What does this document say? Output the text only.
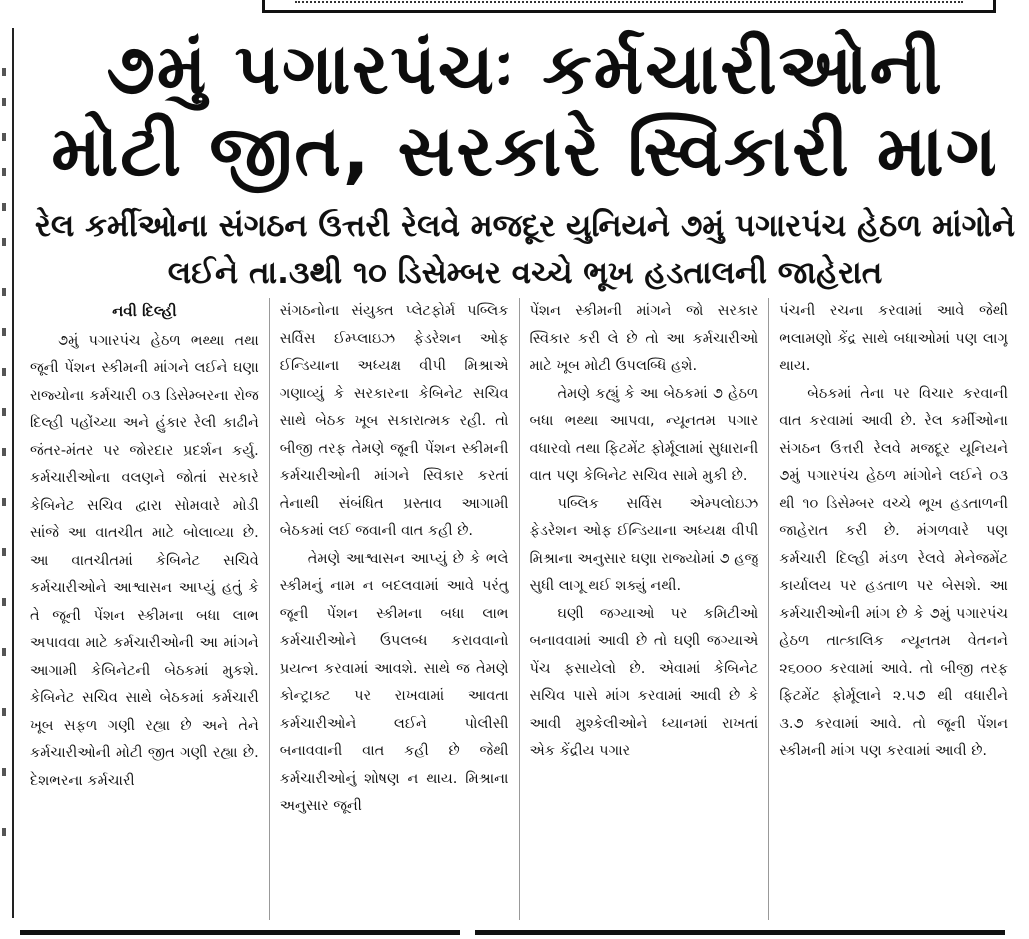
૭મું પગારપંચઃ કર્મચારીઓની મોટી જીત, સરકારે સ્વિકારી માગ
રેલ કર્મીઓના સંગઠન ઉત્તરી રેલવે મજદૂર યુનિયને ૭મું પગારપંચ હેઠળ માંગોને લઈને તા.૩થી ૧૦ ડિસેમ્બર વચ્ચે ભૂખ હડતાલની જાહેરાત
નવી દિલ્હી

૭મું પગારપંચ હેઠળ ભથ્થા તથા જૂની પેંશન સ્કીમની માંગને લઈને ઘણા રાજ્યોના કર્મચારી ૦૩ ડિસેમ્બરના રોજ દિલ્હી પહોંચ્યા અને હુંકાર રેલી કાઢીને જંતર-મંતર પર જોરદાર પ્રદર્શન કર્યુ. કર્મચારીઓના વલણને જોતાં સરકારે કેબિનેટ સચિવ દ્વારા સોમવારે મોડી સાંજે આ વાતચીત માટે બોલાવ્યા છે. આ વાતચીતમાં કેબિનેટ સચિવે કર્મચારીઓને આશ્વાસન આપ્યું હતું કે તે જૂની પેંશન સ્કીમના બધા લાભ અપાવવા માટે કર્મચારીઓની આ માંગને આગામી કેબિનેટની બેઠકમાં મુકશે. કેબિનેટ સચિવ સાથે બેઠકમાં કર્મચારી ખૂબ સફળ ગણી રહ્યા છે અને તેને કર્મચારીઓની મોટી જીત ગણી રહ્યા છે. દેશભરના કર્મચારી

સંગઠનોના સંયુક્ત પ્લેટફોર્મ પબ્લિક સર્વિસ ઈમ્પ્લાઇઝ ફેડરેશન ઓફ ઈન્ડિયાના અધ્યક્ષ વીપી મિશ્રાએ ગણાવ્યું કે સરકારના કેબિનેટ સચિવ સાથે બેઠક ખૂબ સકારાત્મક રહી. તો બીજી તરફ તેમણે જૂની પેંશન સ્કીમની કર્મચારીઓની માંગને સ્વિકાર કરતાં તેનાથી સંબંધિત પ્રસ્તાવ આગામી બેઠકમાં લઈ જવાની વાત કહી છે.

તેમણે આશ્વાસન આપ્યું છે કે ભલે સ્કીમનું નામ ન બદલવામાં આવે પરંતુ જૂની પેંશન સ્કીમના બધા લાભ કર્મચારીઓને ઉપલબ્ધ કરાવવાનો પ્રયત્ન કરવામાં આવશે. સાથે જ તેમણે કોન્ટ્રાક્ટ પર રાખવામાં આવતા કર્મચારીઓને લઈને પોલીસી બનાવવાની વાત કહી છે જેથી કર્મચારીઓનું શોષણ ન થાય. મિશ્રાના અનુસાર જૂની

પેંશન સ્કીમની માંગને જો સરકાર સ્વિકાર કરી લે છે તો આ કર્મચારીઓ માટે ખૂબ મોટી ઉપલબ્ધિ હશે.

તેમણે કહ્યું કે આ બેઠકમાં ૭ હેઠળ બધા ભથ્થા આપવા, ન્યૂનતમ પગાર વધારવો તથા ફિટમેંટ ફોર્મૂલામાં સુધારાની વાત પણ કેબિનેટ સચિવ સામે મુકી છે.

પબ્લિક સર્વિસ એમ્પલોઇઝ ફેડરેશન ઓફ ઈન્ડિયાના અધ્યક્ષ વીપી મિશ્રાના અનુસાર ઘણા રાજ્યોમાં ૭ હજુ સુધી લાગૂ થઈ શક્યું નથી.

ઘણી જગ્યાઓ પર કમિટીઓ બનાવવામાં આવી છે તો ઘણી જગ્યાએ પેંચ ફસાયેલો છે. એવામાં કેબિનેટ સચિવ પાસે માંગ કરવામાં આવી છે કે આવી મુશ્કેલીઓને ધ્યાનમાં રાખતાં એક કેંદ્રીય પગાર

પંચની રચના કરવામાં આવે જેથી ભલામણો કેંદ્ર સાથે બધાઓમાં પણ લાગૂ થાય.

બેઠકમાં તેના પર વિચાર કરવાની વાત કરવામાં આવી છે. રેલ કર્મીઓના સંગઠન ઉત્તરી રેલવે મજદૂર યૂનિયને ૭મું પગારપંચ હેઠળ માંગોને લઈને ૦૩ થી ૧૦ ડિસેમ્બર વચ્ચે ભૂખ હડતાળની જાહેરાત કરી છે. મંગળવારે પણ કર્મચારી દિલ્હી મંડળ રેલવે મેનેજમેંટ કાર્યાલય પર હડતાળ પર બેસશે. આ કર્મચારીઓની માંગ છે કે ૭મું પગારપંચ હેઠળ તાત્કાલિક ન્યૂનતમ વેતનને ૨૬૦૦૦ કરવામાં આવે. તો બીજી તરફ ફિટમેંટ ફોર્મૂલાને ૨.૫૭ થી વધારીને ૩.૭ કરવામાં આવે. તો જૂની પેંશન સ્કીમની માંગ પણ કરવામાં આવી છે.
